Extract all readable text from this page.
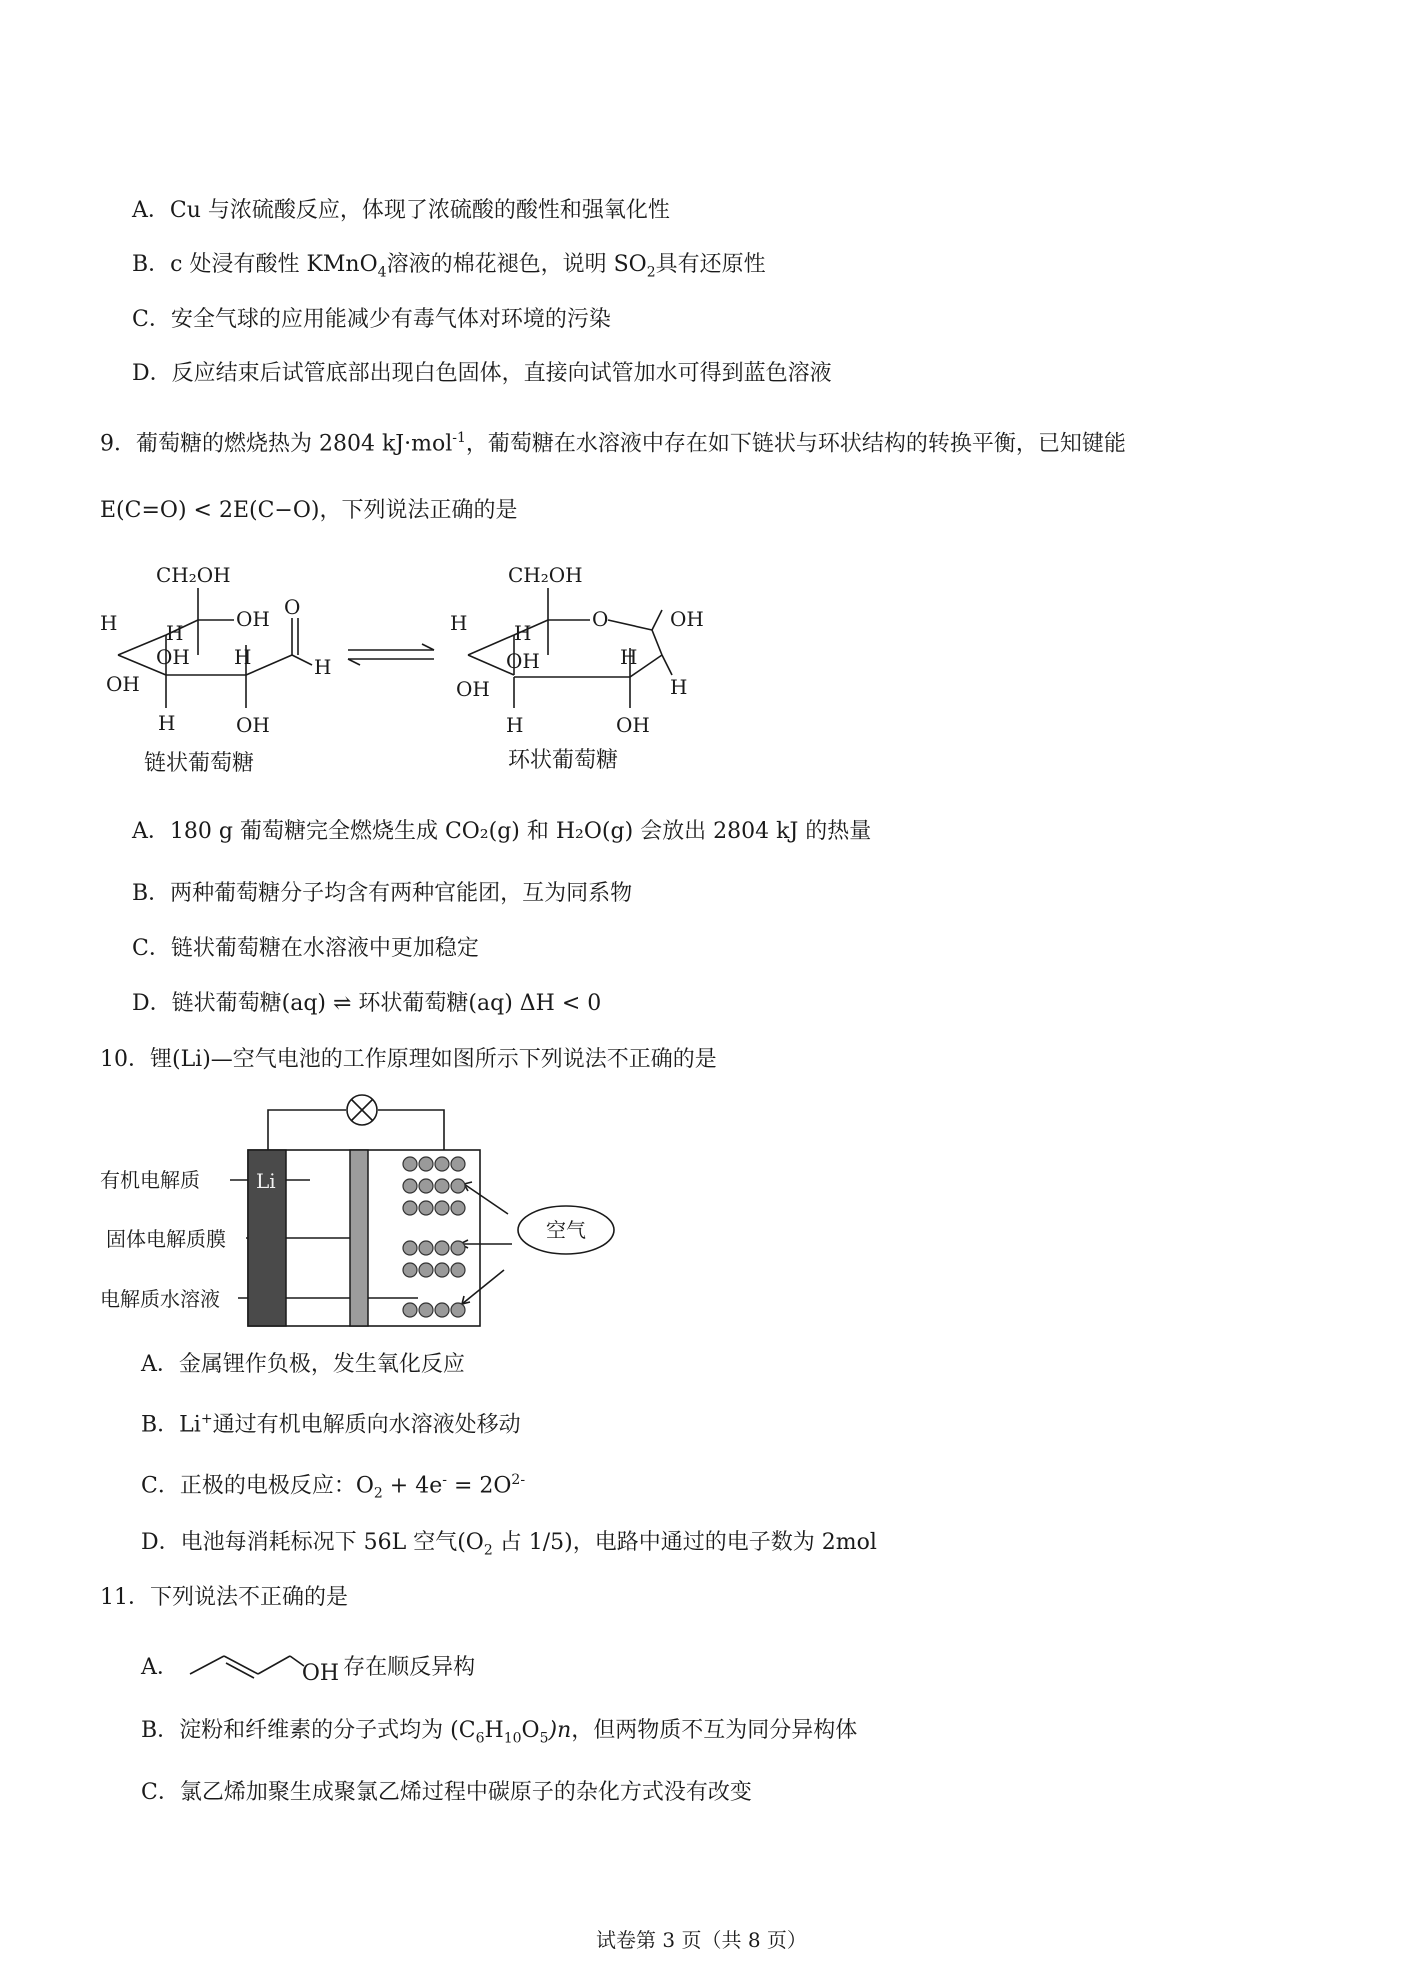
A．Cu 与浓硫酸反应，体现了浓硫酸的酸性和强氧化性
B．c 处浸有酸性 KMnO$_4$溶液的棉花褪色，说明 $SO_2$具有还原性
C．安全气球的应用能减少有毒气体对环境的污染
D．反应结束后试管底部出现白色固体，直接向试管加水可得到蓝色溶液
9．葡萄糖的燃烧热为 2804 kJ·mol$^{-1}$，葡萄糖在水溶液中存在如下链状与环状结构的转换平衡，已知键能
E(C=O) < 2E(C−O)，下列说法正确的是
CH₂OH
OH
H H
OH H
O
H
OH
H	OH
CH₂OH
O	OH
H H
OH	H
H
OH
H	OH
链状葡萄糖	环状葡萄糖
A．180 g 葡萄糖完全燃烧生成 CO₂(g) 和 H₂O(g) 会放出 2804 kJ 的热量
B．两种葡萄糖分子均含有两种官能团，互为同系物
C．链状葡萄糖在水溶液中更加稳定
D．链状葡萄糖(aq) ⇌ 环状葡萄糖(aq) ΔH < 0
10．锂(Li)—空气电池的工作原理如图所示下列说法不正确的是
Li
有机电解质
固体电解质膜
电解质水溶液
空气
A．金属锂作负极，发生氧化反应
B．Li+通过有机电解质向水溶液处移动
C．正极的电极反应：$O_2 + 4e^- = 2O^{2-}$
D．电池每消耗标况下 56L 空气($O_2$ 占 1/5)，电路中通过的电子数为 2mol
11．下列说法不正确的是
A．	OH 存在顺反异构
B．淀粉和纤维素的分子式均为 $(C_6H_{10}O_5)n$，但两物质不互为同分异构体
C．氯乙烯加聚生成聚氯乙烯过程中碳原子的杂化方式没有改变
试卷第 3 页（共 8 页）
